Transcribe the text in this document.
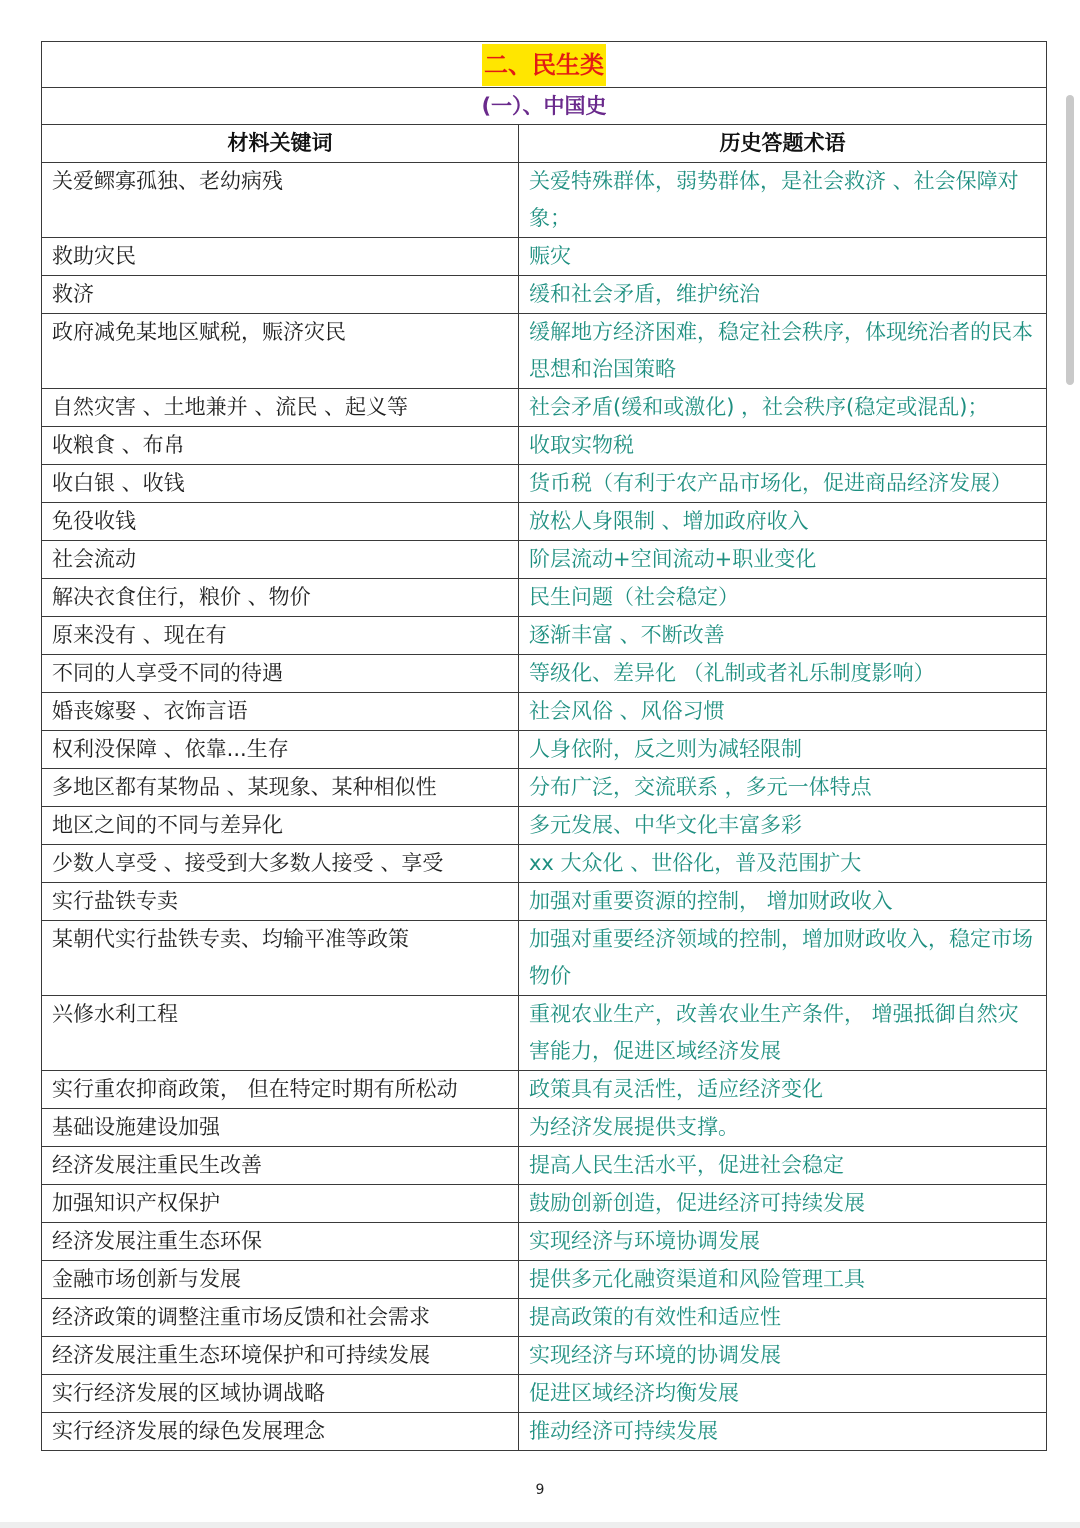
二、民生类	
(一）、中国史	
材料关键词	历史答题术语
关爱鳏寡孤独、老幼病残	关爱特殊群体，弱势群体，是社会救济 、社会保障对象；
救助灾民	赈灾
救济	缓和社会矛盾，维护统治
政府减免某地区赋税，赈济灾民	缓解地方经济困难，稳定社会秩序，体现统治者的民本思想和治国策略
自然灾害 、土地兼并 、流民 、起义等	社会矛盾(缓和或激化) ，社会秩序(稳定或混乱)；
收粮食 、布帛	收取实物税
收白银 、收钱	货币税（有利于农产品市场化，促进商品经济发展）
免役收钱	放松人身限制 、增加政府收入
社会流动	阶层流动+空间流动+职业变化
解决衣食住行，粮价 、物价	民生问题（社会稳定）
原来没有 、现在有	逐渐丰富 、不断改善
不同的人享受不同的待遇	等级化、差异化 （礼制或者礼乐制度影响）
婚丧嫁娶 、衣饰言语	社会风俗 、风俗习惯
权利没保障 、依靠...生存	人身依附，反之则为减轻限制
多地区都有某物品 、某现象、某种相似性	分布广泛，交流联系 ，多元一体特点
地区之间的不同与差异化	多元发展、中华文化丰富多彩
少数人享受 、接受到大多数人接受 、享受	xx 大众化 、世俗化，普及范围扩大
实行盐铁专卖	加强对重要资源的控制， 增加财政收入
某朝代实行盐铁专卖、均输平准等政策	加强对重要经济领域的控制，增加财政收入，稳定市场物价
兴修水利工程	重视农业生产，改善农业生产条件， 增强抵御自然灾害能力，促进区域经济发展
实行重农抑商政策， 但在特定时期有所松动	政策具有灵活性，适应经济变化
基础设施建设加强	为经济发展提供支撑。
经济发展注重民生改善	提高人民生活水平，促进社会稳定
加强知识产权保护	鼓励创新创造，促进经济可持续发展
经济发展注重生态环保	实现经济与环境协调发展
金融市场创新与发展	提供多元化融资渠道和风险管理工具
经济政策的调整注重市场反馈和社会需求	提高政策的有效性和适应性
经济发展注重生态环境保护和可持续发展	实现经济与环境的协调发展
实行经济发展的区域协调战略	促进区域经济均衡发展
实行经济发展的绿色发展理念	推动经济可持续发展
9
